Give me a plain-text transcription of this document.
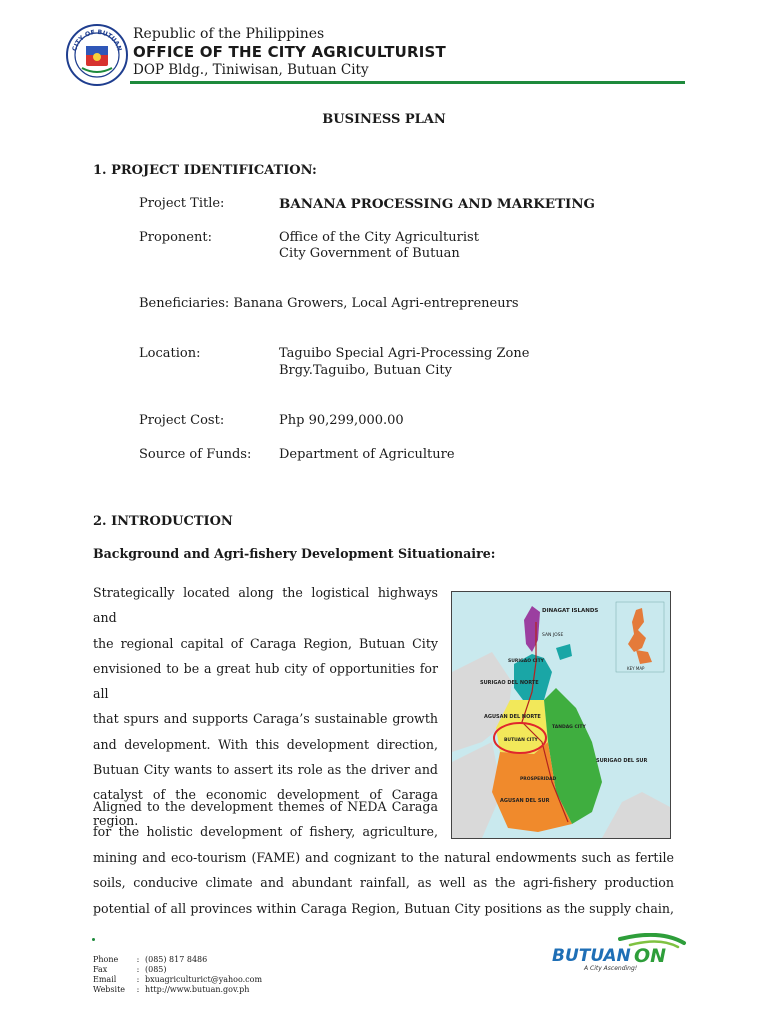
CITY OF BUTUAN
Republic of the Philippines
OFFICE OF THE CITY AGRICULTURIST
DOP Bldg., Tiniwisan, Butuan City
BUSINESS PLAN
1. PROJECT IDENTIFICATION:
Project Title:	BANANA PROCESSING AND MARKETING
Proponent:	Office of the City Agriculturist
City Government of Butuan
Beneficiaries: Banana Growers, Local Agri-entrepreneurs
Location:	Taguibo Special Agri-Processing Zone
Brgy.Taguibo, Butuan City
Project Cost:	Php 90,299,000.00
Source of Funds: Department of Agriculture
2. INTRODUCTION
Background and Agri-fishery Development Situationaire:
Strategically located along the logistical highways and
the regional capital of Caraga Region, Butuan City
envisioned to be a great hub city of opportunities for all
that spurs and supports Caraga’s sustainable growth
and development. With this development direction,
Butuan City wants to assert its role as the driver and
catalyst of the economic development of Caraga
region.
Aligned to the development themes of NEDA Caraga
for the holistic development of fishery, agriculture,
mining and eco-tourism (FAME) and cognizant to the natural endowments such as fertile
soils, conducive climate and abundant rainfall, as well as the agri-fishery production
potential of all provinces within Caraga Region, Butuan City positions as the supply chain,
DINAGAT ISLANDS
SURIGAO CITY
SAN JOSE
SURIGAO DEL NORTE
AGUSAN DEL NORTE
TANDAG CITY
BUTUAN CITY
SURIGAO DEL SUR
PROSPERIDAD
AGUSAN DEL SUR
KEY MAP
Phone : (085) 817 8486
Fax	: (085)
Email	: bxuagriculturict@yahoo.com
Website : http://www.butuan.gov.ph
BUTUAN ON
A City Ascending!
